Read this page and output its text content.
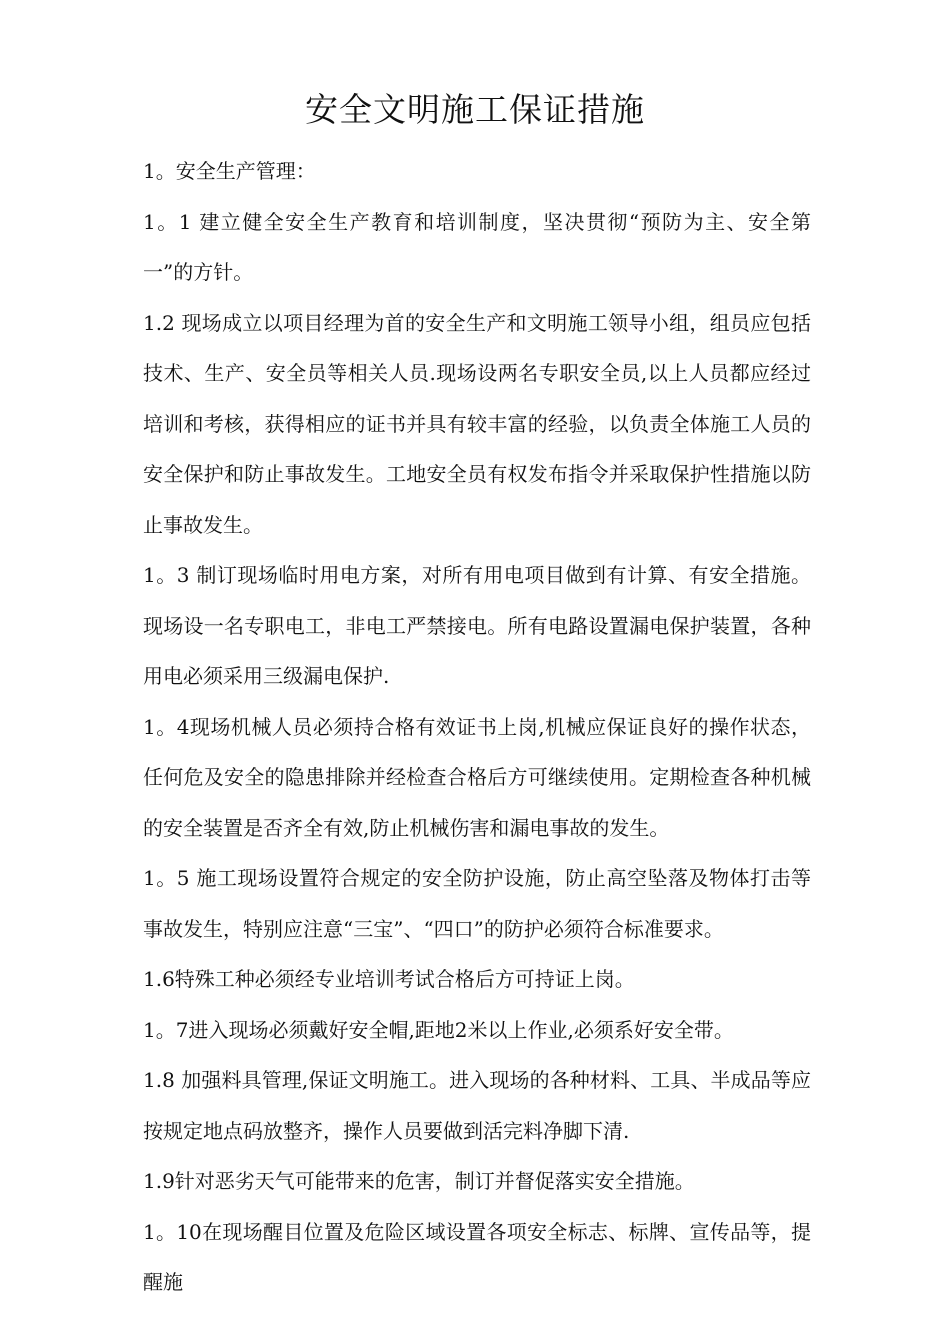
安全文明施工保证措施

1。安全生产管理：

1。1 建立健全安全生产教育和培训制度，坚决贯彻“预防为主、安全第一”的方针。

1.2 现场成立以项目经理为首的安全生产和文明施工领导小组，组员应包括技术、生产、安全员等相关人员.现场设两名专职安全员,以上人员都应经过培训和考核，获得相应的证书并具有较丰富的经验，以负责全体施工人员的安全保护和防止事故发生。工地安全员有权发布指令并采取保护性措施以防止事故发生。

1。3 制订现场临时用电方案，对所有用电项目做到有计算、有安全措施。现场设一名专职电工，非电工严禁接电。所有电路设置漏电保护装置，各种用电必须采用三级漏电保护.

1。4现场机械人员必须持合格有效证书上岗,机械应保证良好的操作状态，任何危及安全的隐患排除并经检查合格后方可继续使用。定期检查各种机械的安全装置是否齐全有效,防止机械伤害和漏电事故的发生。

1。5 施工现场设置符合规定的安全防护设施，防止高空坠落及物体打击等事故发生，特别应注意“三宝”、“四口”的防护必须符合标准要求。

1.6特殊工种必须经专业培训考试合格后方可持证上岗。

1。7进入现场必须戴好安全帽,距地2米以上作业,必须系好安全带。

1.8 加强料具管理,保证文明施工。进入现场的各种材料、工具、半成品等应按规定地点码放整齐，操作人员要做到活完料净脚下清.

1.9针对恶劣天气可能带来的危害，制订并督促落实安全措施。

1。10在现场醒目位置及危险区域设置各项安全标志、标牌、宣传品等，提醒施
